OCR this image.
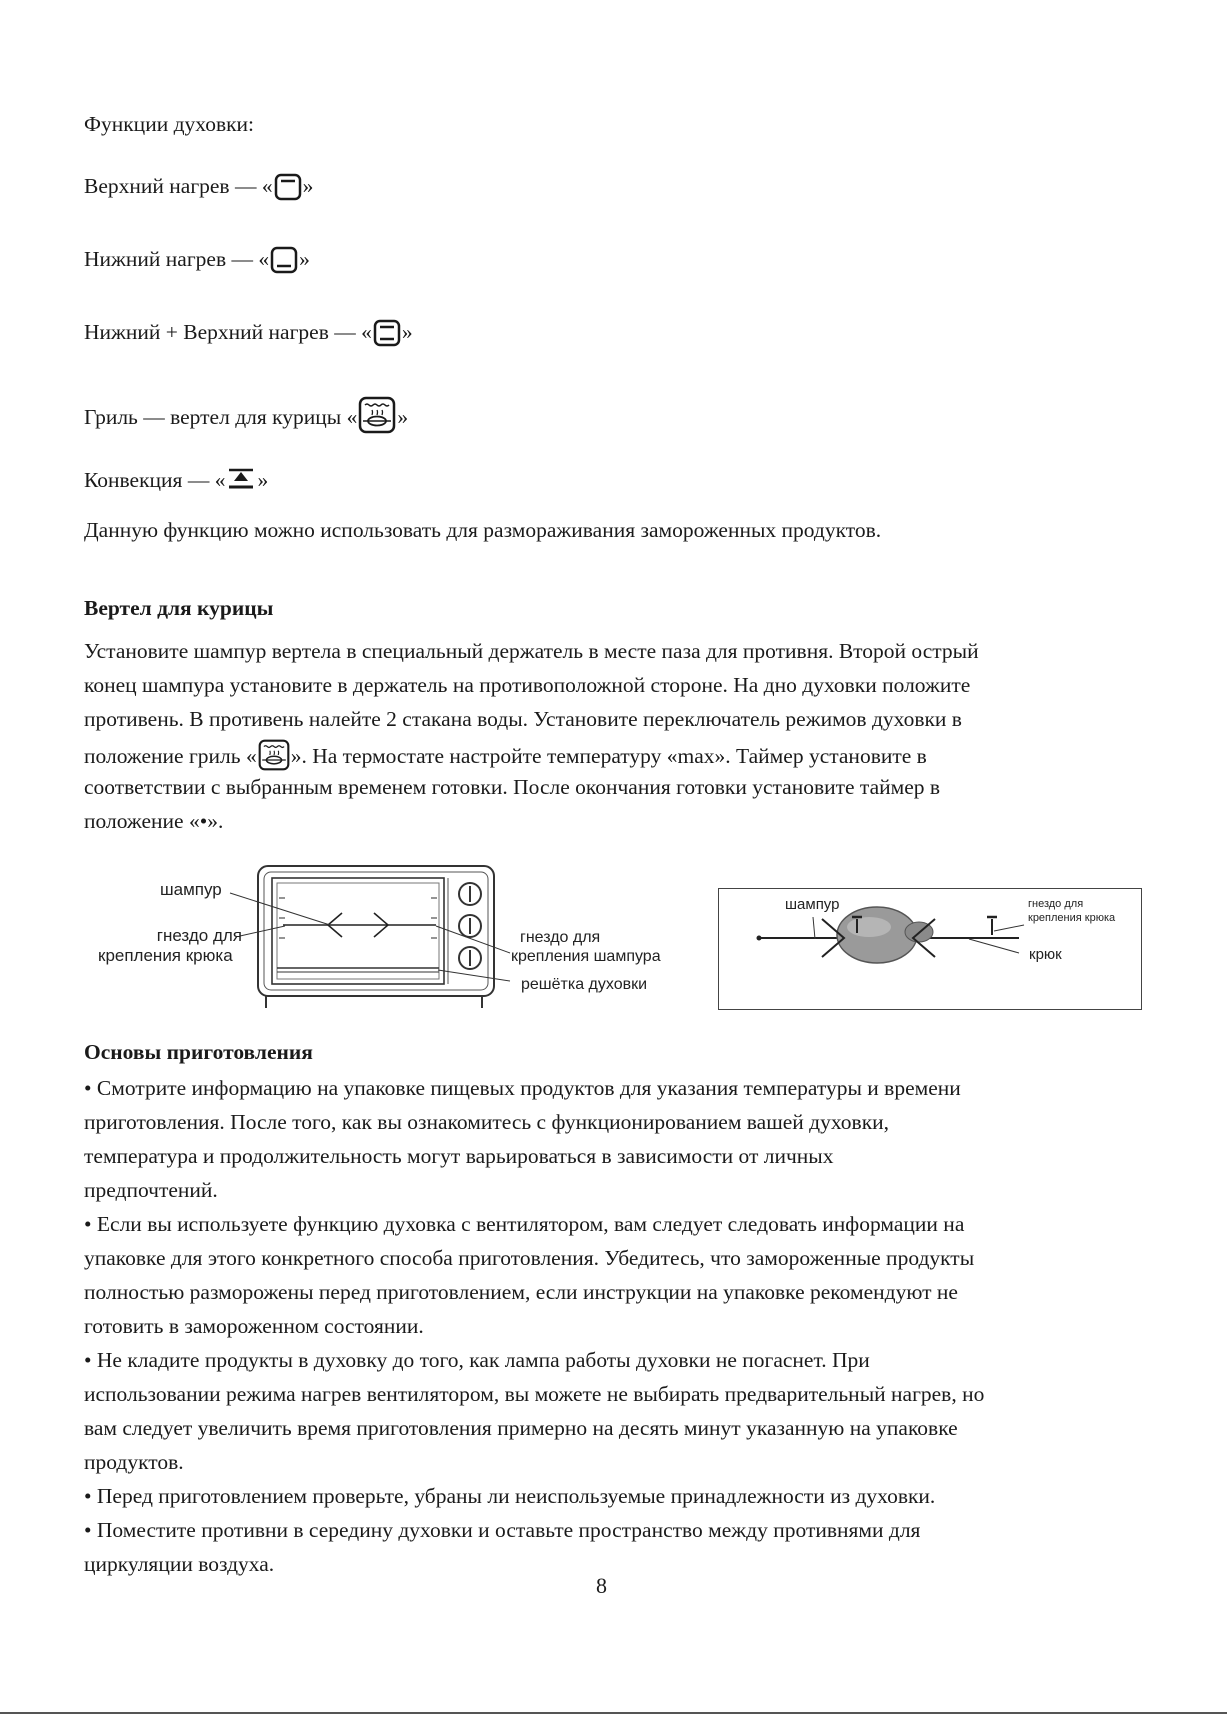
Функции духовки:
Верхний нагрев — « »
Нижний нагрев — « »
Нижний + Верхний нагрев — « »
Гриль — вертел для курицы « »
Конвекция — « »
Данную функцию можно использовать для размораживания замороженных продуктов.
Вертел для курицы
Установите шампур вертела в специальный держатель в месте паза для противня. Второй острый
конец шампура установите в держатель на противоположной стороне. На дно духовки положите
противень. В противень налейте 2 стакана воды. Установите переключатель режимов духовки в
положение гриль « ». На термостате настройте температуру «max». Таймер установите в
соответствии с выбранным временем готовки. После окончания готовки установите таймер в
положение «•».
шампур
гнездо для
крепления крюка
гнездо для
крепления шампура
решётка духовки
шампур	гнездо для
крепления крюка
крюк
Основы приготовления
• Смотрите информацию на упаковке пищевых продуктов для указания температуры и времени
приготовления. После того, как вы ознакомитесь с функционированием вашей духовки,
температура и продолжительность могут варьироваться в зависимости от личных
предпочтений.
• Если вы используете функцию духовка с вентилятором, вам следует следовать информации на
упаковке для этого конкретного способа приготовления. Убедитесь, что замороженные продукты
полностью разморожены перед приготовлением, если инструкции на упаковке рекомендуют не
готовить в замороженном состоянии.
• Не кладите продукты в духовку до того, как лампа работы духовки не погаснет. При
использовании режима нагрев вентилятором, вы можете не выбирать предварительный нагрев, но
вам следует увеличить время приготовления примерно на десять минут указанную на упаковке
продуктов.
• Перед приготовлением проверьте, убраны ли неиспользуемые принадлежности из духовки.
• Поместите противни в середину духовки и оставьте пространство между противнями для
циркуляции воздуха.
8
